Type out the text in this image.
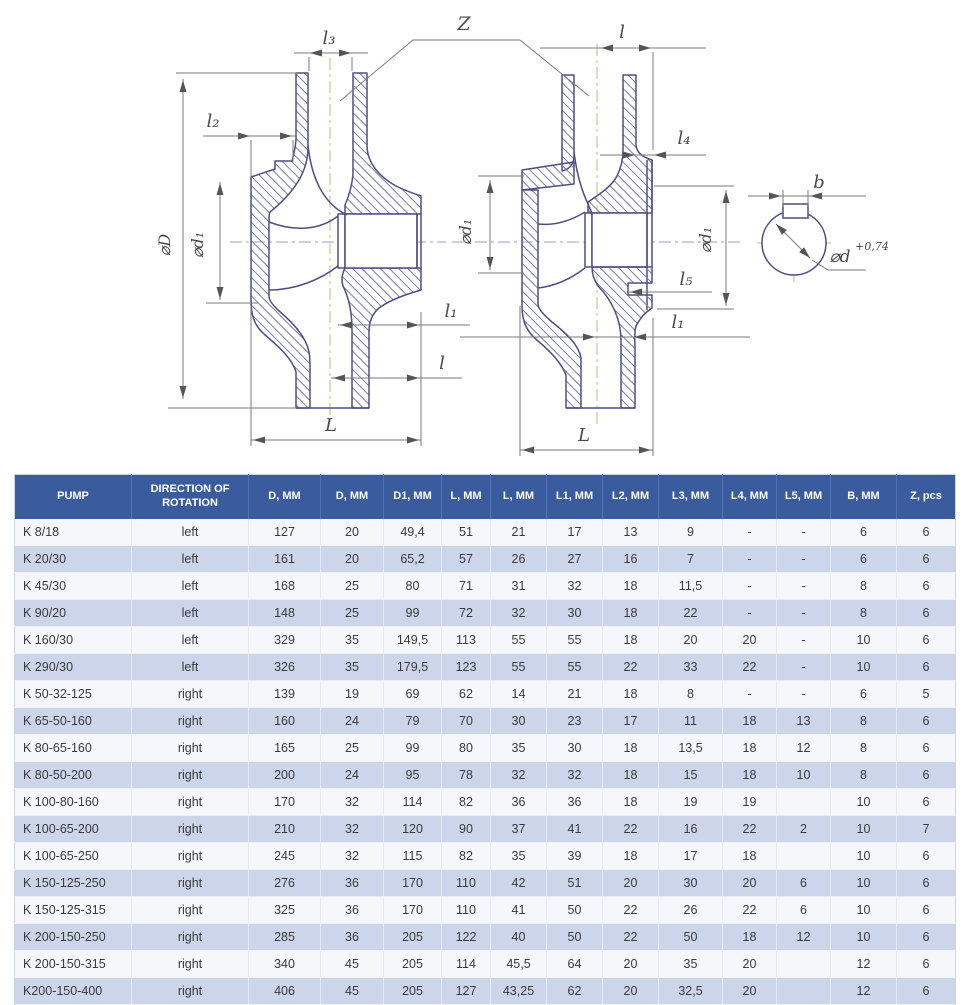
l₃
Z	l
l₂
l₄
⌀D ⌀d₁	⌀d₁	⌀d₁
l₅
l₁
l₁
l
L	L
b
⌀d
+0,74
PUMP	DIRECTION OF ROTATION	D, MM	D, MM	D1, MM	L, MM	L, MM	L1, MM	L2, MM	L3, MM	L4, MM	L5, MM	B, MM	Z, pcs
K 8/18	left	127	20	49,4	51	21	17	13	9	-	-	6	6
K 20/30	left	161	20	65,2	57	26	27	16	7	-	-	6	6
K 45/30	left	168	25	80	71	31	32	18	11,5	-	-	8	6
K 90/20	left	148	25	99	72	32	30	18	22	-	-	8	6
K 160/30	left	329	35	149,5	113	55	55	18	20	20	-	10	6
K 290/30	left	326	35	179,5	123	55	55	22	33	22	-	10	6
K 50-32-125	right	139	19	69	62	14	21	18	8	-	-	6	5
K 65-50-160	right	160	24	79	70	30	23	17	11	18	13	8	6
K 80-65-160	right	165	25	99	80	35	30	18	13,5	18	12	8	6
K 80-50-200	right	200	24	95	78	32	32	18	15	18	10	8	6
K 100-80-160	right	170	32	114	82	36	36	18	19	19		10	6
K 100-65-200	right	210	32	120	90	37	41	22	16	22	2	10	7
K 100-65-250	right	245	32	115	82	35	39	18	17	18		10	6
K 150-125-250	right	276	36	170	110	42	51	20	30	20	6	10	6
K 150-125-315	right	325	36	170	110	41	50	22	26	22	6	10	6
K 200-150-250	right	285	36	205	122	40	50	22	50	18	12	10	6
K 200-150-315	right	340	45	205	114	45,5	64	20	35	20		12	6
K200-150-400	right	406	45	205	127	43,25	62	20	32,5	20		12	6
